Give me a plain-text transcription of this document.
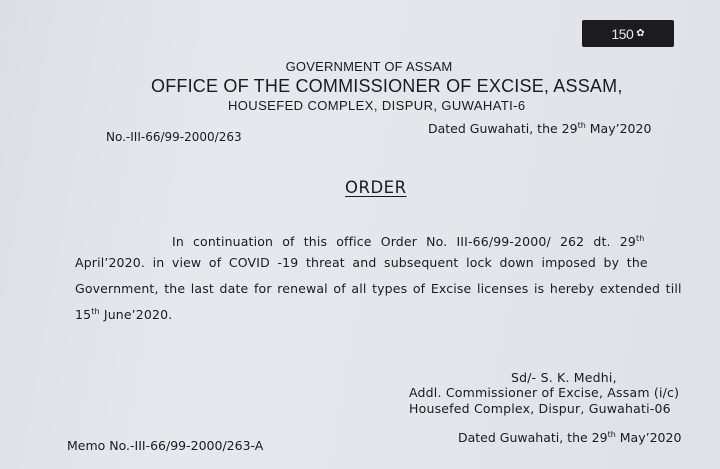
150 ✿
GOVERNMENT OF ASSAM
OFFICE OF THE COMMISSIONER OF EXCISE, ASSAM,
HOUSEFED COMPLEX, DISPUR, GUWAHATI-6
No.-III-66/99-2000/263
Dated Guwahati, the 29th May’2020
ORDER
In continuation of this office Order No. III-66/99-2000/ 262 dt. 29th
April’2020. in view of COVID -19 threat and subsequent lock down imposed by the
Government, the last date for renewal of all types of Excise licenses is hereby extended till
15th June’2020.
Sd/- S. K. Medhi,
Addl. Commissioner of Excise, Assam (i/c)
Housefed Complex, Dispur, Guwahati-06
Memo No.-III-66/99-2000/263-A
Dated Guwahati, the 29th May’2020
